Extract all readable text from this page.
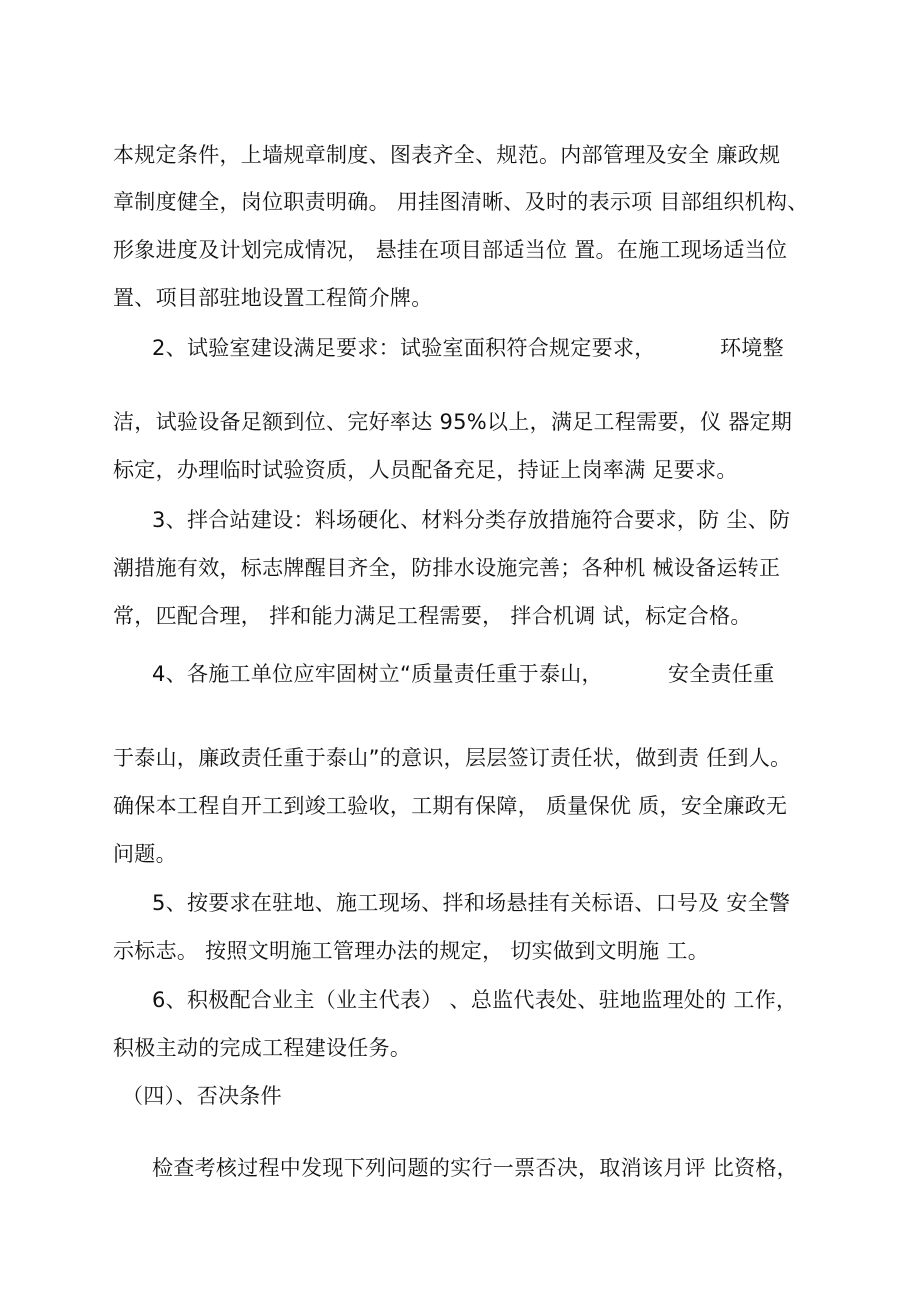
本规定条件，上墙规章制度、图表齐全、规范。内部管理及安全 廉政规
章制度健全，岗位职责明确。 用挂图清晰、及时的表示项 目部组织机构、
形象进度及计划完成情况， 悬挂在项目部适当位 置。在施工现场适当位
置、项目部驻地设置工程简介牌。
2、试验室建设满足要求：试验室面积符合规定要求，	环境整
洁，试验设备足额到位、完好率达 95%以上，满足工程需要，仪 器定期
标定，办理临时试验资质，人员配备充足，持证上岗率满 足要求。
3、拌合站建设：料场硬化、材料分类存放措施符合要求，防 尘、防
潮措施有效，标志牌醒目齐全，防排水设施完善；各种机 械设备运转正
常，匹配合理， 拌和能力满足工程需要， 拌合机调 试，标定合格。
4、各施工单位应牢固树立“质量责任重于泰山，	安全责任重
于泰山，廉政责任重于泰山”的意识，层层签订责任状，做到责 任到人。
确保本工程自开工到竣工验收，工期有保障， 质量保优 质，安全廉政无
问题。
5、按要求在驻地、施工现场、拌和场悬挂有关标语、口号及 安全警
示标志。 按照文明施工管理办法的规定， 切实做到文明施 工。
6、积极配合业主（业主代表） 、总监代表处、驻地监理处的 工作，
积极主动的完成工程建设任务。
（四）、否决条件
检查考核过程中发现下列问题的实行一票否决，取消该月评 比资格，
